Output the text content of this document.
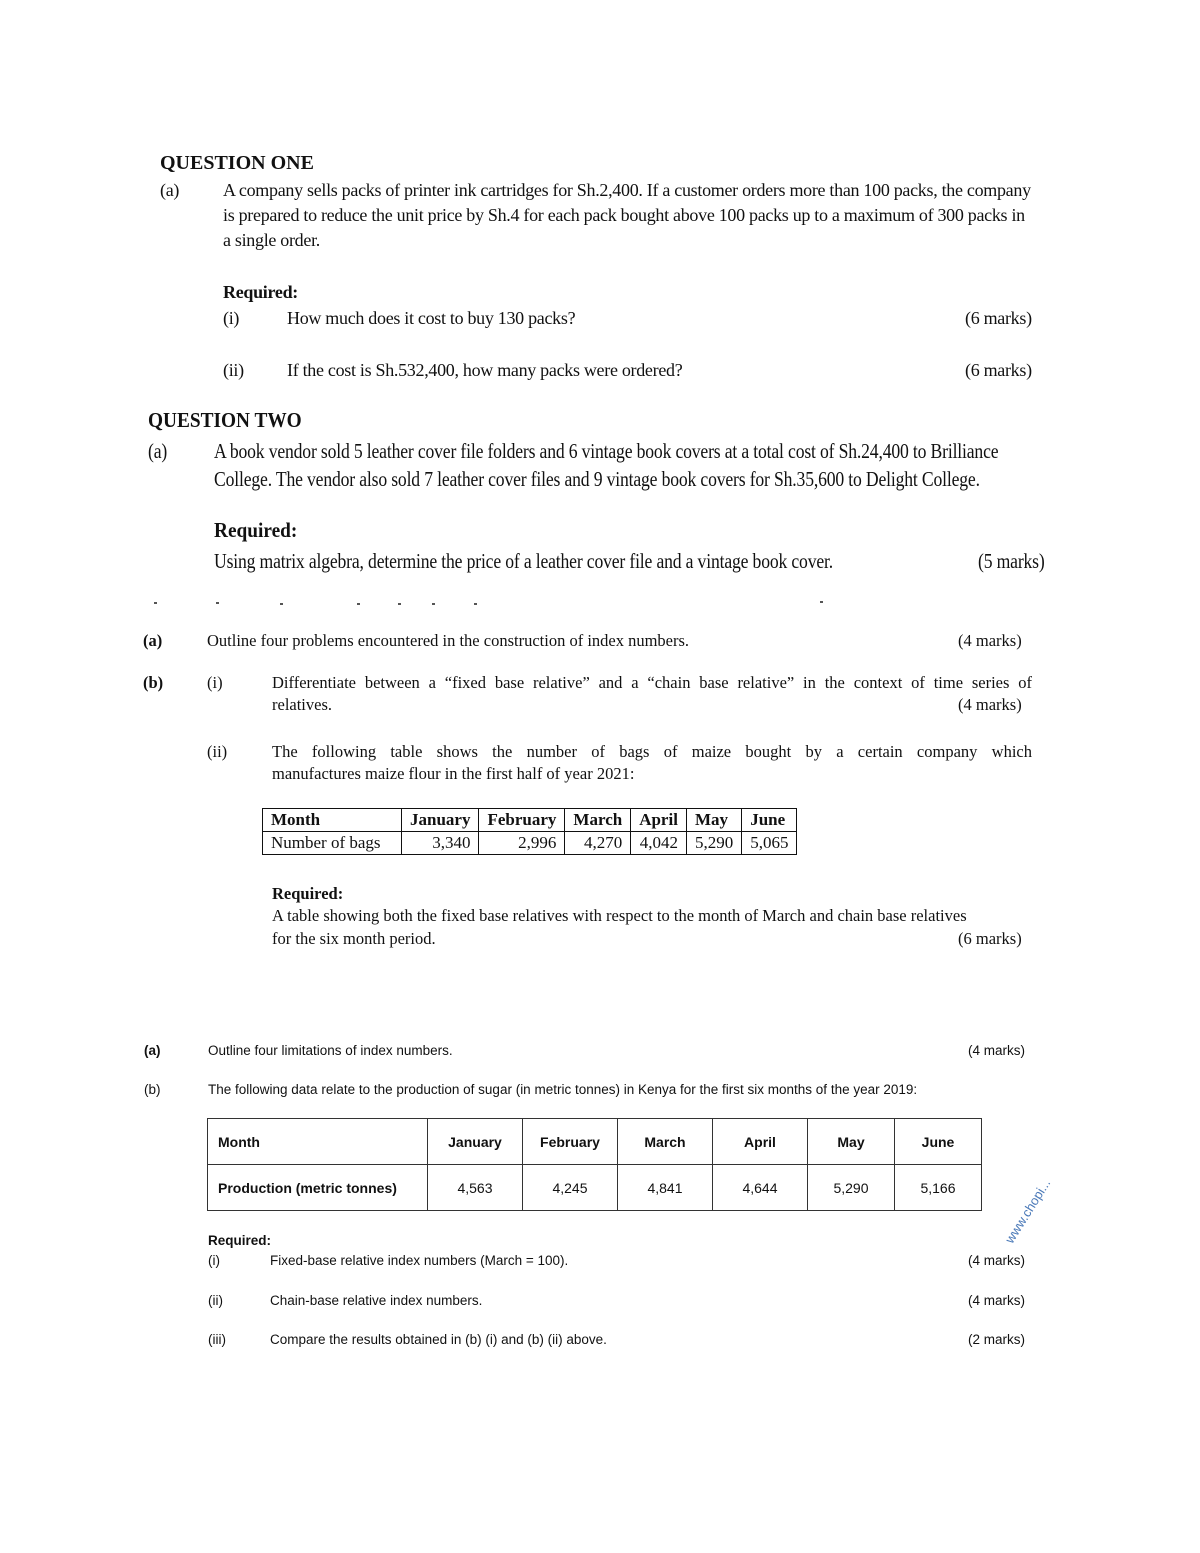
QUESTION ONE
(a) A company sells packs of printer ink cartridges for Sh.2,400. If a customer orders more than 100 packs, the company
is prepared to reduce the unit price by Sh.4 for each pack bought above 100 packs up to a maximum of 300 packs in
a single order.
Required:
(i)	How much does it cost to buy 130 packs?	(6 marks)
(ii) If the cost is Sh.532,400, how many packs were ordered?	(6 marks)
QUESTION TWO
(a) A book vendor sold 5 leather cover file folders and 6 vintage book covers at a total cost of Sh.24,400 to Brilliance
College. The vendor also sold 7 leather cover files and 9 vintage book covers for Sh.35,600 to Delight College.
Required:
Using matrix algebra, determine the price of a leather cover file and a vintage book cover.	(5 marks)
(a)	Outline four problems encountered in the construction of index numbers.	(4 marks)
(b)	(i)	Differentiate between a “fixed base relative” and a “chain base relative” in the context of time series of
relatives.	(4 marks)
(ii)	The following table shows the number of bags of maize bought by a certain company which
manufactures maize flour in the first half of year 2021:
Month	January	February	March	April	May	June
Number of bags	3,340	2,996	4,270	4,042	5,290	5,065
Required:
A table showing both the fixed base relatives with respect to the month of March and chain base relatives
for the six month period.	(6 marks)
(a)	Outline four limitations of index numbers.	(4 marks)
(b)	The following data relate to the production of sugar (in metric tonnes) in Kenya for the first six months of the year 2019:
Month	January	February	March	April	May	June
Production (metric tonnes)	4,563	4,245	4,841	4,644	5,290	5,166	www.chopi...
Required:
(i)	Fixed-base relative index numbers (March = 100).	(4 marks)
(ii)	Chain-base relative index numbers.	(4 marks)
(iii)	Compare the results obtained in (b) (i) and (b) (ii) above.	(2 marks)
